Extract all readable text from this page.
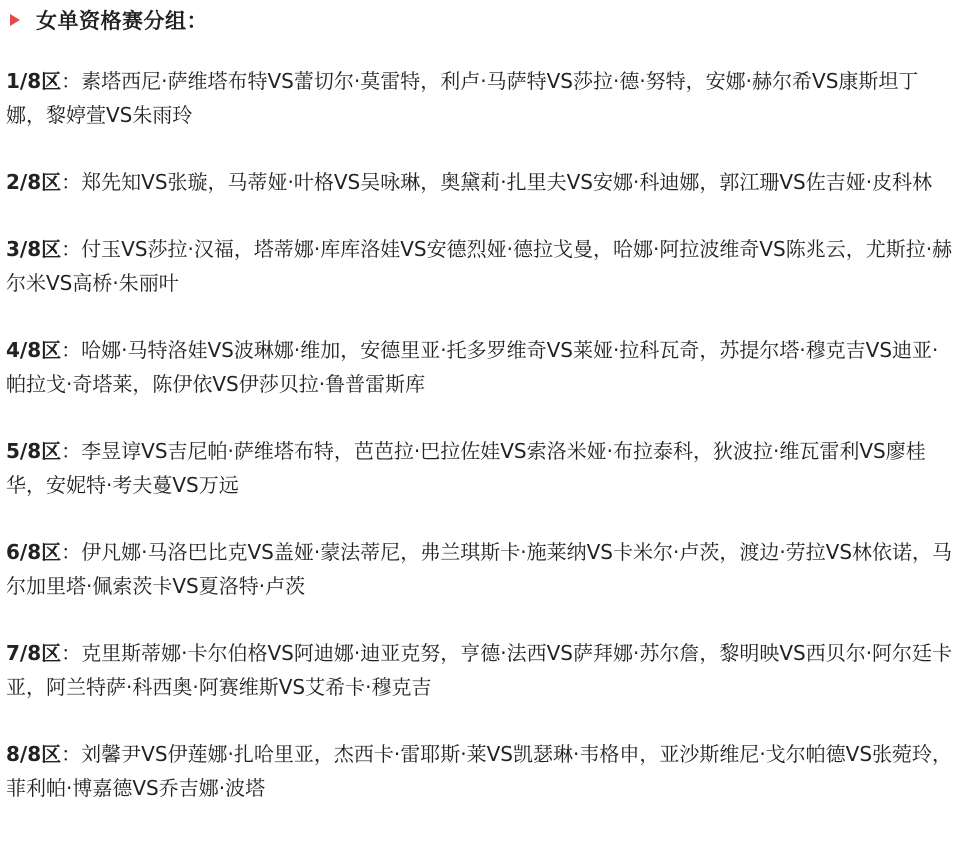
女单资格赛分组：

1/8区：素塔西尼·萨维塔布特VS蕾切尔·莫雷特，利卢·马萨特VS莎拉·德·努特，安娜·赫尔希VS康斯坦丁娜，黎婷萱VS朱雨玲

2/8区：郑先知VS张璇，马蒂娅·叶格VS吴咏琳，奥黛莉·扎里夫VS安娜·科迪娜，郭江珊VS佐吉娅·皮科林

3/8区：付玉VS莎拉·汉福，塔蒂娜·库库洛娃VS安德烈娅·德拉戈曼，哈娜·阿拉波维奇VS陈兆云，尤斯拉·赫尔米VS高桥·朱丽叶

4/8区：哈娜·马特洛娃VS波琳娜·维加，安德里亚·托多罗维奇VS莱娅·拉科瓦奇，苏提尔塔·穆克吉VS迪亚·帕拉戈·奇塔莱，陈伊依VS伊莎贝拉·鲁普雷斯库

5/8区：李昱谆VS吉尼帕·萨维塔布特，芭芭拉·巴拉佐娃VS索洛米娅·布拉泰科，狄波拉·维瓦雷利VS廖桂华，安妮特·考夫蔓VS万远

6/8区：伊凡娜·马洛巴比克VS盖娅·蒙法蒂尼，弗兰琪斯卡·施莱纳VS卡米尔·卢茨，渡边·劳拉VS林依诺，马尔加里塔·佩索茨卡VS夏洛特·卢茨

7/8区：克里斯蒂娜·卡尔伯格VS阿迪娜·迪亚克努，亨德·法西VS萨拜娜·苏尔詹，黎明映VS西贝尔·阿尔廷卡亚，阿兰特萨·科西奥·阿赛维斯VS艾希卡·穆克吉

8/8区：刘馨尹VS伊莲娜·扎哈里亚，杰西卡·雷耶斯·莱VS凯瑟琳·韦格申，亚沙斯维尼·戈尔帕德VS张菀玲，菲利帕·博嘉德VS乔吉娜·波塔
